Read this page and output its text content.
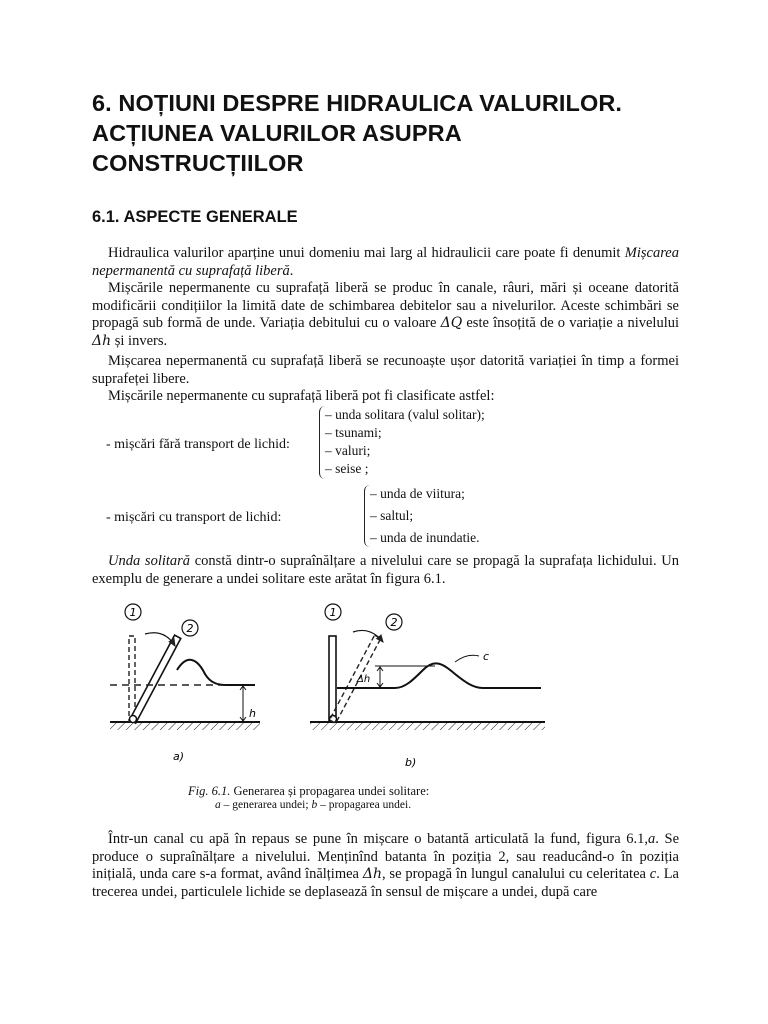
6. NOȚIUNI DESPRE HIDRAULICA VALURILOR.
ACȚIUNEA VALURILOR ASUPRA
CONSTRUCȚIILOR
6.1. ASPECTE GENERALE

Hidraulica valurilor aparține unui domeniu mai larg al hidraulicii care poate fi denumit Mișcarea nepermanentă cu suprafață liberă.

Mișcările nepermanente cu suprafață liberă se produc în canale, râuri, mări și oceane datorită modificării condițiilor la limită date de schimbarea debitelor sau a nivelurilor. Aceste schimbări se propagă sub formă de unde. Variația debitului cu o valoare ΔQ este însoțită de o variație a nivelului Δh și invers.

Mișcarea nepermanentă cu suprafață liberă se recunoaște ușor datorită variației în timp a formei suprafeței libere.

Mișcările nepermanente cu suprafață liberă pot fi clasificate astfel:

- mișcări fără transport de lichid:
– unda solitara (valul solitar);
– tsunami;
– valuri;
– seise ;
- mișcări cu transport de lichid:
– unda de viitura;
– saltul;
– unda de inundatie.

Unda solitară constă dintr-o supraînălțare a nivelului care se propagă la suprafața lichidului. Un exemplu de generare a undei solitare este arătat în figura 6.1.

h
1
2
a)
Δh
c
1
2
b)
Fig. 6.1. Generarea și propagarea undei solitare:
a – generarea undei; b – propagarea undei.

Într-un canal cu apă în repaus se pune în mișcare o batantă articulată la fund, figura 6.1,a. Se produce o supraînălțare a nivelului. Menținînd batanta în poziția 2, sau readucând-o în poziția inițială, unda care s-a format, având înălțimea Δh, se propagă în lungul canalului cu celeritatea c. La trecerea undei, particulele lichide se deplasează în sensul de mișcare a undei, după care
